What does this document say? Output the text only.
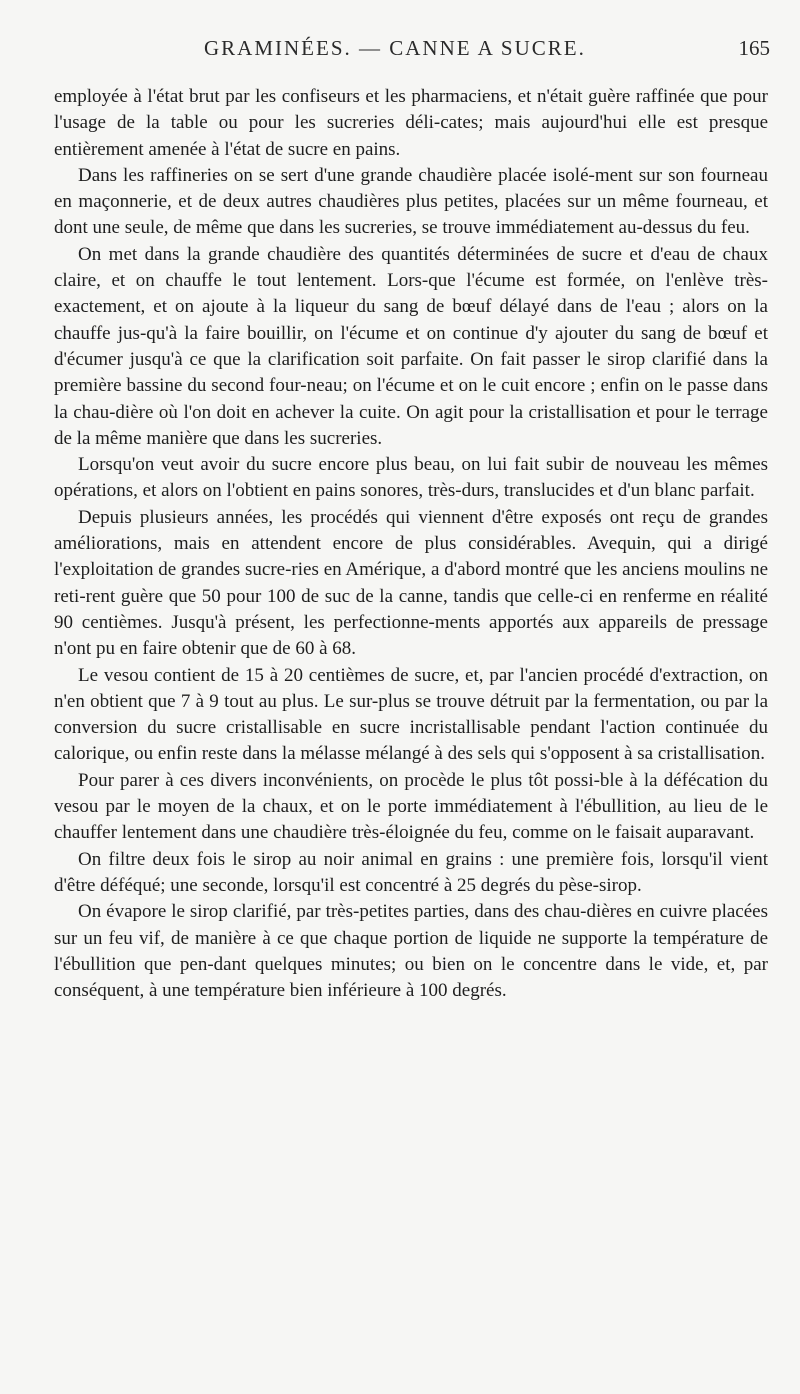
GRAMINÉES. — CANNE A SUCRE.	165

employée à l'état brut par les confiseurs et les pharmaciens, et n'était guère raffinée que pour l'usage de la table ou pour les sucreries déli-cates; mais aujourd'hui elle est presque entièrement amenée à l'état de sucre en pains.

Dans les raffineries on se sert d'une grande chaudière placée isolé-ment sur son fourneau en maçonnerie, et de deux autres chaudières plus petites, placées sur un même fourneau, et dont une seule, de même que dans les sucreries, se trouve immédiatement au-dessus du feu.

On met dans la grande chaudière des quantités déterminées de sucre et d'eau de chaux claire, et on chauffe le tout lentement. Lors-que l'écume est formée, on l'enlève très-exactement, et on ajoute à la liqueur du sang de bœuf délayé dans de l'eau ; alors on la chauffe jus-qu'à la faire bouillir, on l'écume et on continue d'y ajouter du sang de bœuf et d'écumer jusqu'à ce que la clarification soit parfaite. On fait passer le sirop clarifié dans la première bassine du second four-neau; on l'écume et on le cuit encore ; enfin on le passe dans la chau-dière où l'on doit en achever la cuite. On agit pour la cristallisation et pour le terrage de la même manière que dans les sucreries.

Lorsqu'on veut avoir du sucre encore plus beau, on lui fait subir de nouveau les mêmes opérations, et alors on l'obtient en pains sonores, très-durs, translucides et d'un blanc parfait.

Depuis plusieurs années, les procédés qui viennent d'être exposés ont reçu de grandes améliorations, mais en attendent encore de plus considérables. Avequin, qui a dirigé l'exploitation de grandes sucre-ries en Amérique, a d'abord montré que les anciens moulins ne reti-rent guère que 50 pour 100 de suc de la canne, tandis que celle-ci en renferme en réalité 90 centièmes. Jusqu'à présent, les perfectionne-ments apportés aux appareils de pressage n'ont pu en faire obtenir que de 60 à 68.

Le vesou contient de 15 à 20 centièmes de sucre, et, par l'ancien procédé d'extraction, on n'en obtient que 7 à 9 tout au plus. Le sur-plus se trouve détruit par la fermentation, ou par la conversion du sucre cristallisable en sucre incristallisable pendant l'action continuée du calorique, ou enfin reste dans la mélasse mélangé à des sels qui s'opposent à sa cristallisation.

Pour parer à ces divers inconvénients, on procède le plus tôt possi-ble à la défécation du vesou par le moyen de la chaux, et on le porte immédiatement à l'ébullition, au lieu de le chauffer lentement dans une chaudière très-éloignée du feu, comme on le faisait auparavant.

On filtre deux fois le sirop au noir animal en grains : une première fois, lorsqu'il vient d'être déféqué; une seconde, lorsqu'il est concentré à 25 degrés du pèse-sirop.

On évapore le sirop clarifié, par très-petites parties, dans des chau-dières en cuivre placées sur un feu vif, de manière à ce que chaque portion de liquide ne supporte la température de l'ébullition que pen-dant quelques minutes; ou bien on le concentre dans le vide, et, par conséquent, à une température bien inférieure à 100 degrés.
